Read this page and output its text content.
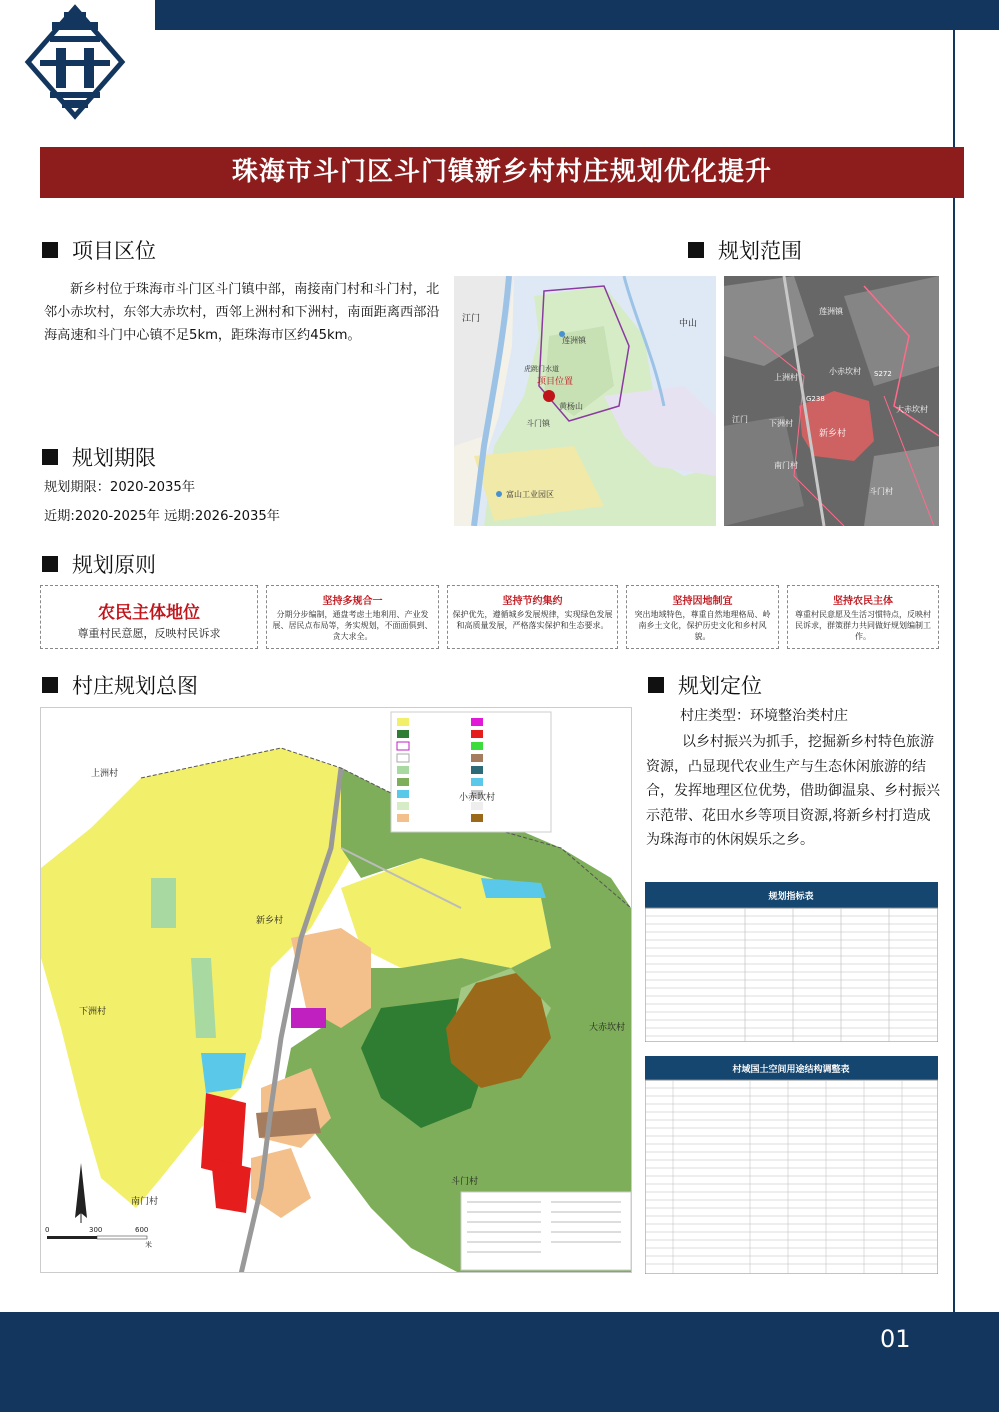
珠海市斗门区斗门镇新乡村村庄规划优化提升
项目区位
新乡村位于珠海市斗门区斗门镇中部，南接南门村和斗门村，北邻小赤坎村，东邻大赤坎村，西邻上洲村和下洲村，南面距离西部沿海高速和斗门中心镇不足5km，距珠海市区约45km。
江门	中山
莲洲镇
项目位置
黄杨山
斗门镇
富山工业园区
虎跳门水道
规划范围
莲洲镇
上洲村
小赤坎村
大赤坎村
江门	下洲村
新乡村
南门村
斗门村
S272
G238
规划期限
规划期限：2020-2035年
近期:2020-2025年 远期:2026-2035年
规划原则
农民主体地位
尊重村民意愿，反映村民诉求
坚持多规合一
分期分步编制，通盘考虑土地利用、产业发展、居民点布局等，务实规划，不面面俱到、贪大求全。
坚持节约集约
保护优先，遵循城乡发展规律，实现绿色发展和高质量发展，严格落实保护和生态要求。
坚持因地制宜
突出地域特色，尊重自然地理格局、岭南乡土文化，保护历史文化和乡村风貌。
坚持农民主体
尊重村民意愿及生活习惯特点，反映村民诉求，群策群力共同做好规划编制工作。
村庄规划总图
上洲村
新乡村
下洲村
大赤坎村
小赤坎村
南门村
斗门村
0	300	600
米
规划定位
村庄类型：环境整治类村庄
以乡村振兴为抓手，挖掘新乡村特色旅游资源，凸显现代农业生产与生态休闲旅游的结合，发挥地理区位优势，借助御温泉、乡村振兴示范带、花田水乡等项目资源,将新乡村打造成为珠海市的休闲娱乐之乡。
规划指标表
村域国土空间用途结构调整表
01
